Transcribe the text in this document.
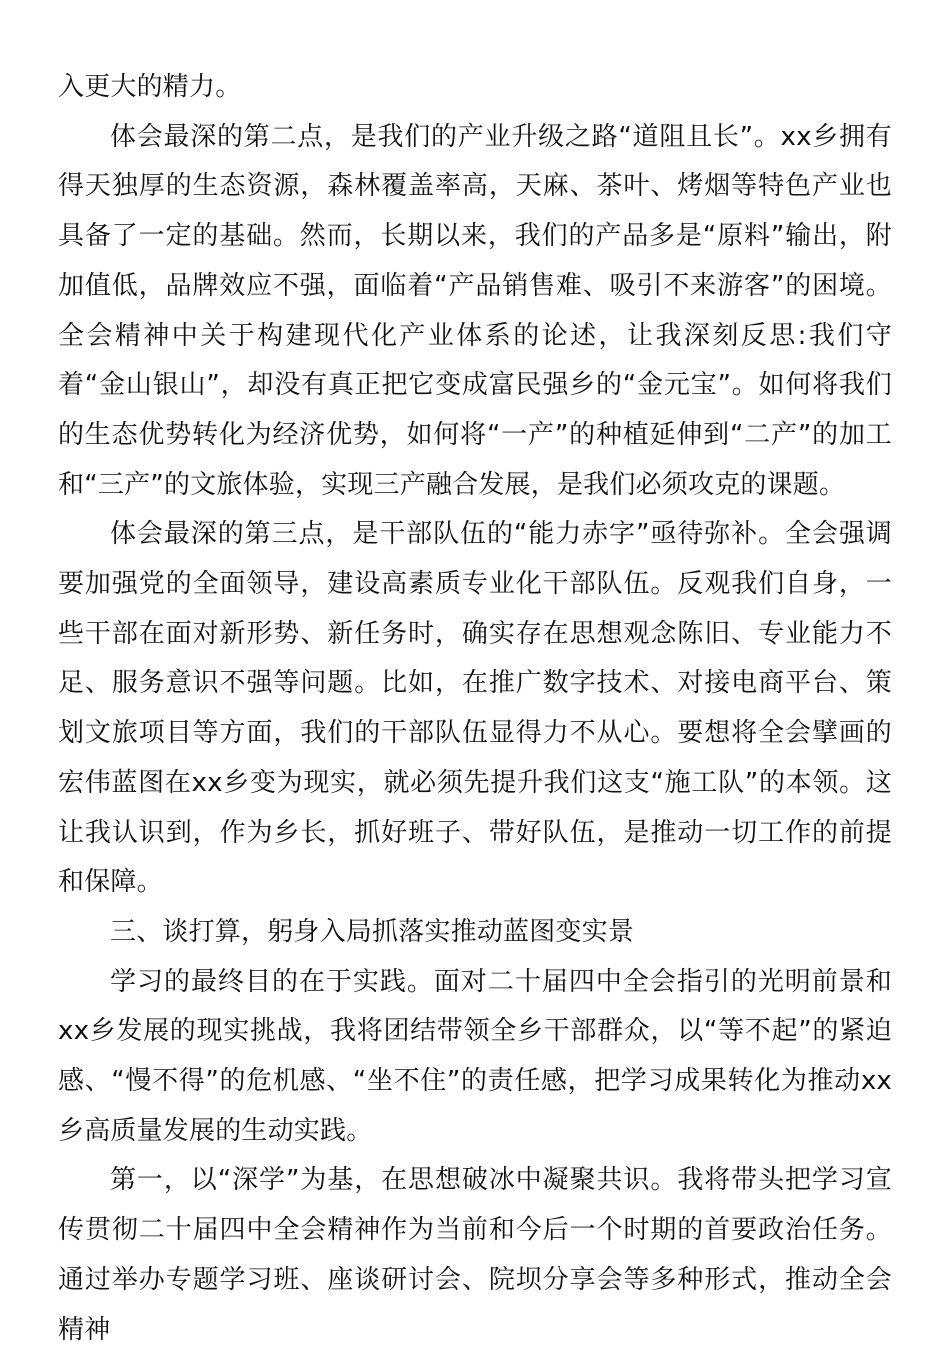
入更大的精力。

体会最深的第二点，是我们的产业升级之路“道阻且长”。xx乡拥有得天独厚的生态资源，森林覆盖率高，天麻、茶叶、烤烟等特色产业也具备了一定的基础。然而，长期以来，我们的产品多是“原料”输出，附加值低，品牌效应不强，面临着“产品销售难、吸引不来游客”的困境。全会精神中关于构建现代化产业体系的论述，让我深刻反思:我们守着“金山银山”，却没有真正把它变成富民强乡的“金元宝”。如何将我们的生态优势转化为经济优势，如何将“一产”的种植延伸到“二产”的加工和“三产”的文旅体验，实现三产融合发展，是我们必须攻克的课题。

体会最深的第三点，是干部队伍的“能力赤字”亟待弥补。全会强调要加强党的全面领导，建设高素质专业化干部队伍。反观我们自身，一些干部在面对新形势、新任务时，确实存在思想观念陈旧、专业能力不足、服务意识不强等问题。比如，在推广数字技术、对接电商平台、策划文旅项目等方面，我们的干部队伍显得力不从心。要想将全会擘画的宏伟蓝图在xx乡变为现实，就必须先提升我们这支“施工队”的本领。这让我认识到，作为乡长，抓好班子、带好队伍，是推动一切工作的前提和保障。

三、谈打算，躬身入局抓落实推动蓝图变实景

学习的最终目的在于实践。面对二十届四中全会指引的光明前景和xx乡发展的现实挑战，我将团结带领全乡干部群众，以“等不起”的紧迫感、“慢不得”的危机感、“坐不住”的责任感，把学习成果转化为推动xx乡高质量发展的生动实践。

第一，以“深学”为基，在思想破冰中凝聚共识。我将带头把学习宣传贯彻二十届四中全会精神作为当前和今后一个时期的首要政治任务。通过举办专题学习班、座谈研讨会、院坝分享会等多种形式，推动全会精神
